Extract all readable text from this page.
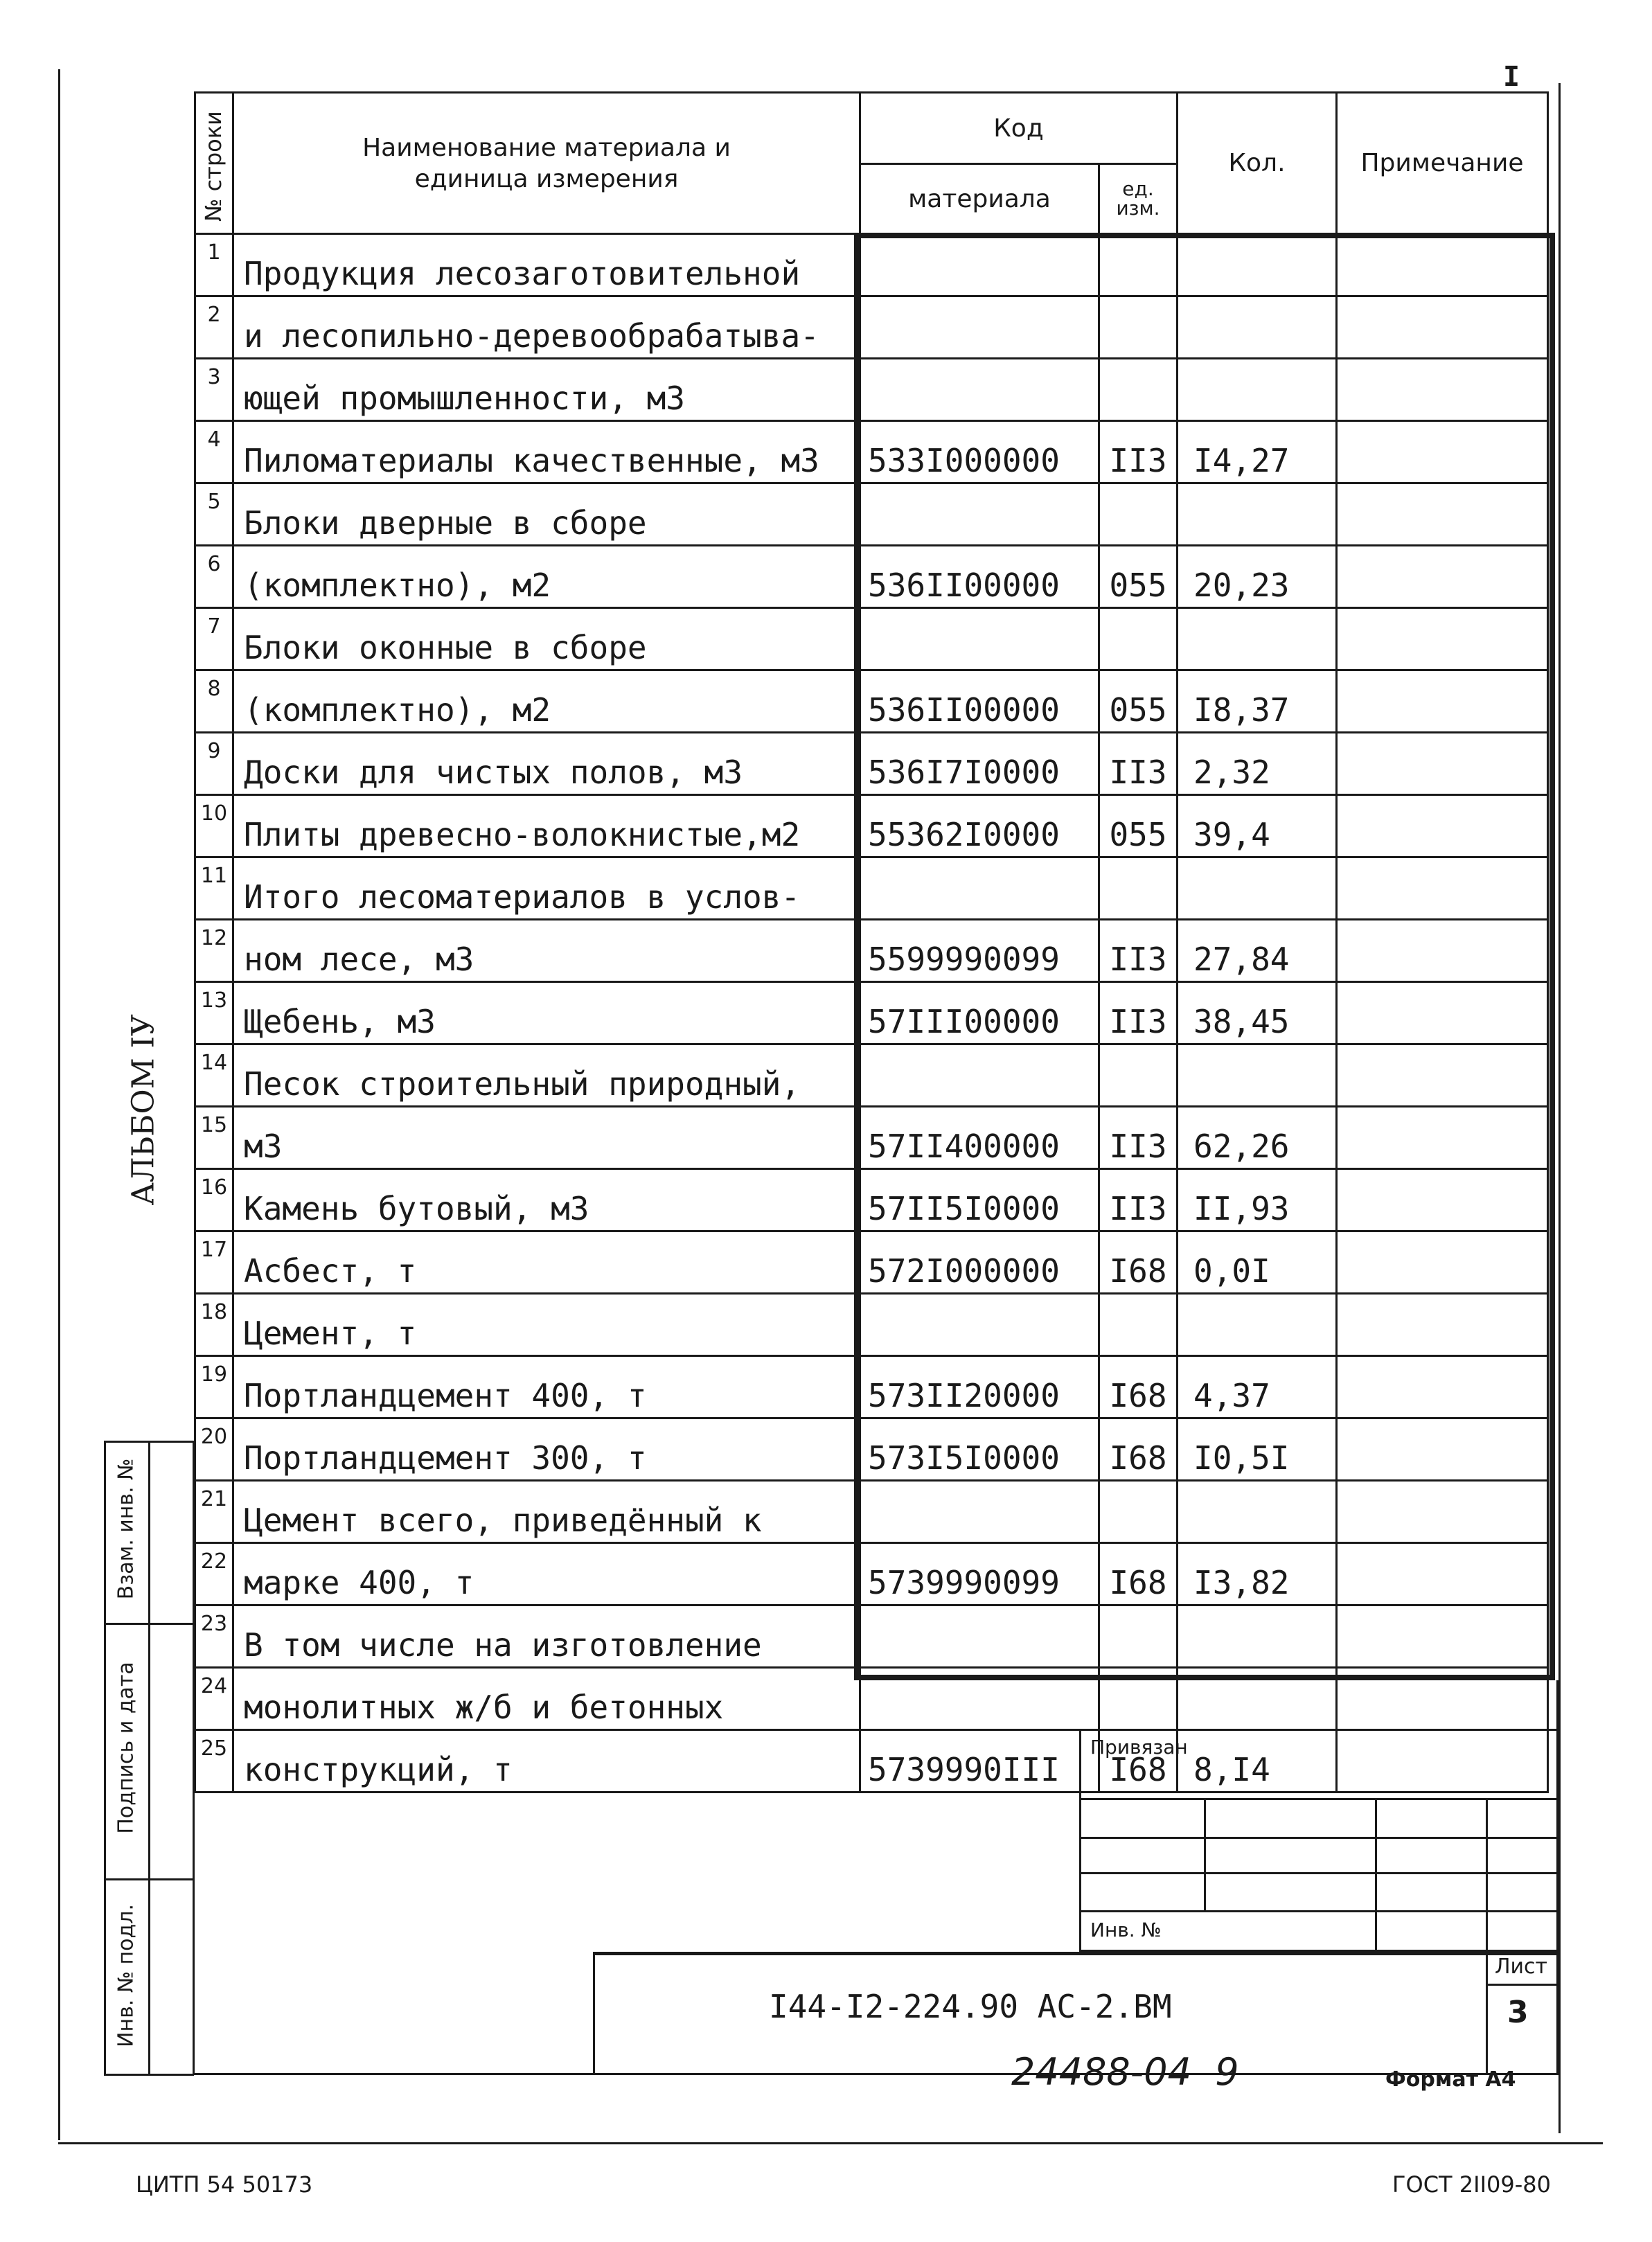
I
№ строки	Наименование материала и единица измерения	Код		Кол.	Примечание
		материала	ед. изм.		
1	Продукция лесозаготовительной				
2	и лесопильно-деревообрабатыва-				
3	ющей промышленности, м3				
4	Пиломатериалы качественные, м3	533I000000	II3	I4,27	
5	Блоки дверные в сборе				
6	(комплектно), м2	536II00000	055	20,23	
7	Блоки оконные в сборе				
8	(комплектно), м2	536II00000	055	I8,37	
9	Доски для чистых полов, м3	536I7I0000	II3	2,32	
10	Плиты древесно-волокнистые,м2	55362I0000	055	39,4	
11	Итого лесоматериалов в услов-				
12	ном лесе, м3	5599990099	II3	27,84	
13	Щебень, м3	57III00000	II3	38,45	
14	Песок строительный природный,				
15	м3	57II400000	II3	62,26	
16	Камень бутовый, м3	57II5I0000	II3	II,93	
17	Асбест, т	572I000000	I68	0,0I	
18	Цемент, т				
19	Портландцемент 400, т	573II20000	I68	4,37	
20	Портландцемент 300, т	573I5I0000	I68	I0,5I	
21	Цемент всего, приведённый к				
22	марке 400, т	5739990099	I68	I3,82	
23	В том числе на изготовление				
24	монолитных ж/б и бетонных				
25	конструкций, т	5739990III	I68	8,I4	
Взам. инв. №
Подпись и дата
Инв. № подл.
АЛЬБОМ IУ
Привязан
Инв. №
I44-I2-224.90 АС-2.ВМ
Лист
3
24488-04  9	Формат А4
ЦИТП 54 50173	ГОСТ 2II09-80
